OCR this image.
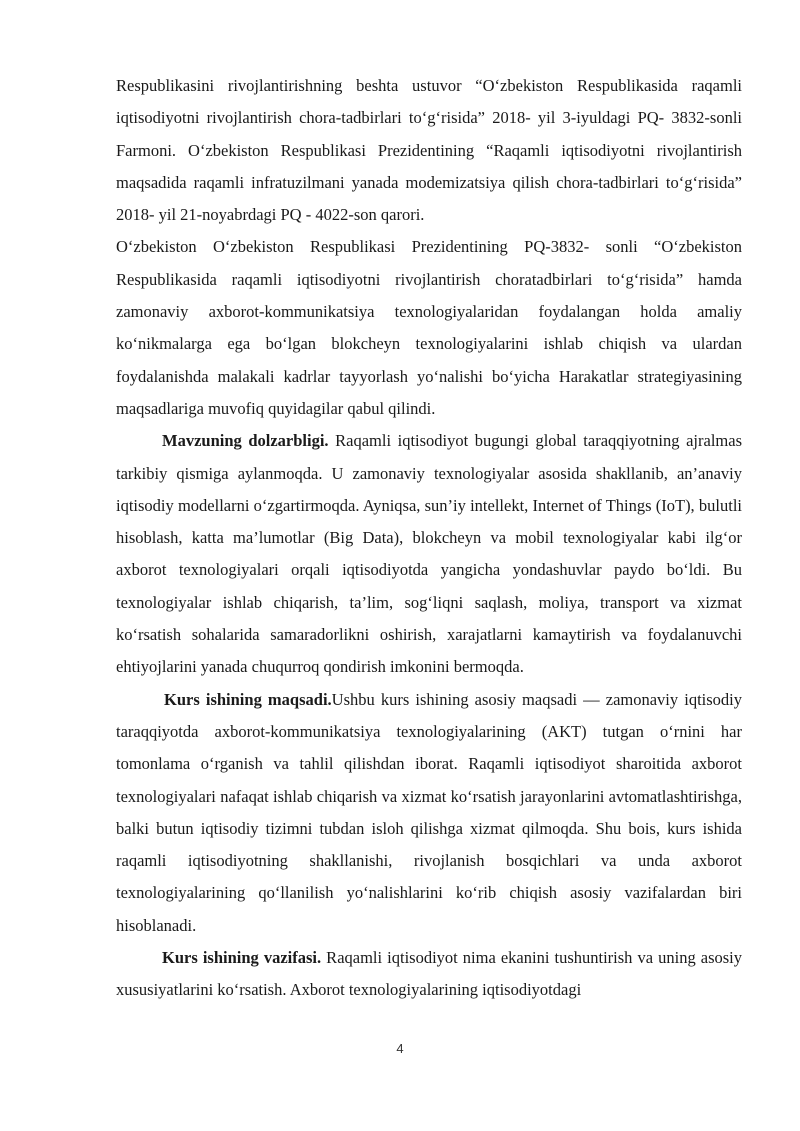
Respublikasini rivojlantirishning beshta ustuvor “Oʻzbekiston Respublikasida raqamli iqtisodiyotni rivojlantirish chora-tadbirlari toʻgʻrisida” 2018- yil 3-iyuldagi PQ- 3832-sonli Farmoni. Oʻzbekiston Respublikasi Prezidentining “Raqamli iqtisodiyotni rivojlantirish maqsadida raqamli infratuzilmani yanada modemizatsiya qilish chora-tadbirlari toʻgʻrisida” 2018- yil 21-noyabrdagi PQ - 4022-son qarori.

Oʻzbekiston Oʻzbekiston Respublikasi Prezidentining PQ-3832- sonli “Oʻzbekiston Respublikasida raqamli iqtisodiyotni rivojlantirish choratadbirlari toʻgʻrisida” hamda zamonaviy axborot-kommunikatsiya texnologiyalaridan foydalangan holda amaliy koʻnikmalarga ega boʻlgan blokcheyn texnologiyalarini ishlab chiqish va ulardan foydalanishda malakali kadrlar tayyorlash yoʻnalishi boʻyicha Harakatlar strategiyasining maqsadlariga muvofiq quyidagilar qabul qilindi.

Mavzuning dolzarbligi. Raqamli iqtisodiyot bugungi global taraqqiyotning ajralmas tarkibiy qismiga aylanmoqda. U zamonaviy texnologiyalar asosida shakllanib, an’anaviy iqtisodiy modellarni oʻzgartirmoqda. Ayniqsa, sun’iy intellekt, Internet of Things (IoT), bulutli hisoblash, katta ma’lumotlar (Big Data), blokcheyn va mobil texnologiyalar kabi ilgʻor axborot texnologiyalari orqali iqtisodiyotda yangicha yondashuvlar paydo boʻldi. Bu texnologiyalar ishlab chiqarish, ta’lim, sogʻliqni saqlash, moliya, transport va xizmat koʻrsatish sohalarida samaradorlikni oshirish, xarajatlarni kamaytirish va foydalanuvchi ehtiyojlarini yanada chuqurroq qondirish imkonini bermoqda.

Kurs ishining maqsadi.Ushbu kurs ishining asosiy maqsadi — zamonaviy iqtisodiy taraqqiyotda axborot-kommunikatsiya texnologiyalarining (AKT) tutgan oʻrnini har tomonlama oʻrganish va tahlil qilishdan iborat. Raqamli iqtisodiyot sharoitida axborot texnologiyalari nafaqat ishlab chiqarish va xizmat koʻrsatish jarayonlarini avtomatlashtirishga, balki butun iqtisodiy tizimni tubdan isloh qilishga xizmat qilmoqda. Shu bois, kurs ishida raqamli iqtisodiyotning shakllanishi, rivojlanish bosqichlari va unda axborot texnologiyalarining qoʻllanilish yoʻnalishlarini koʻrib chiqish asosiy vazifalardan biri hisoblanadi.

Kurs ishining vazifasi. Raqamli iqtisodiyot nima ekanini tushuntirish va uning asosiy xususiyatlarini koʻrsatish. Axborot texnologiyalarining iqtisodiyotdagi

4
